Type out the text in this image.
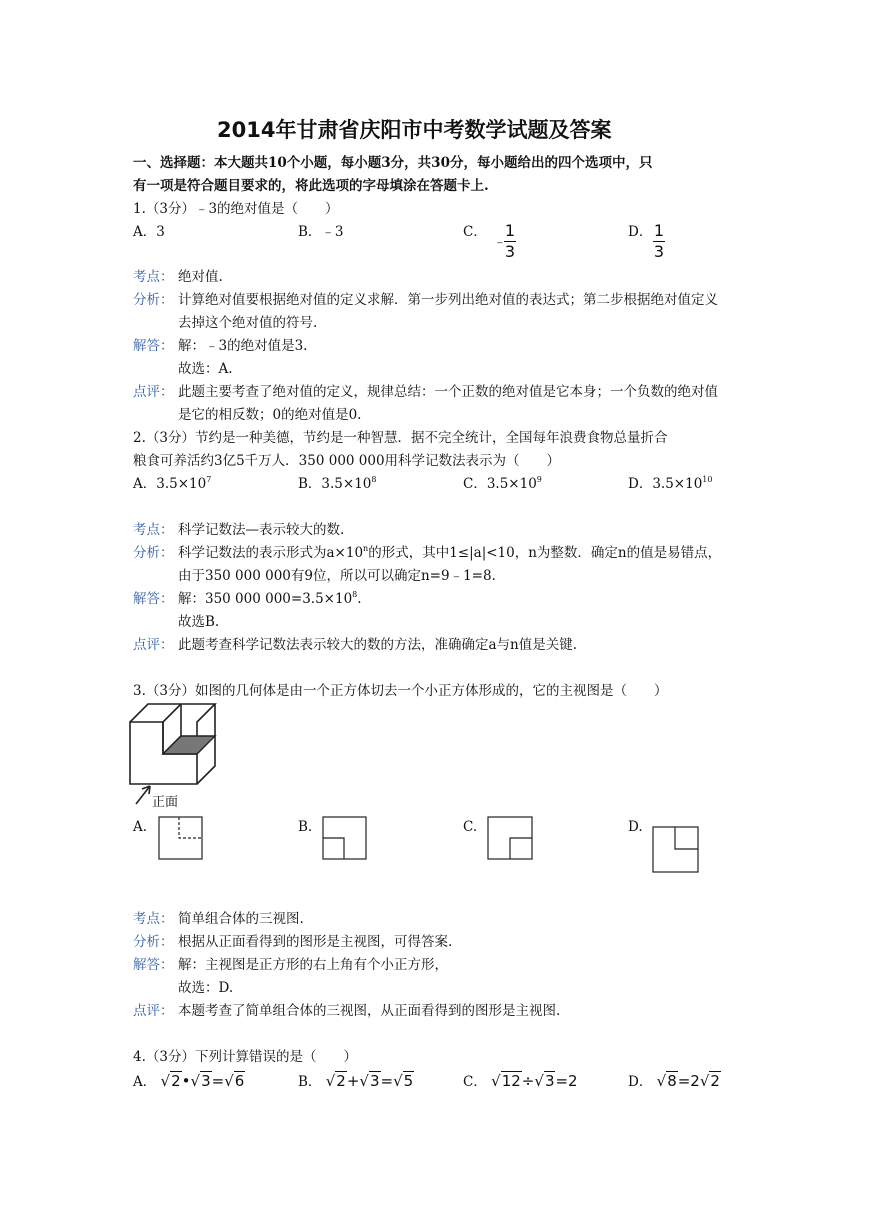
2014年甘肃省庆阳市中考数学试题及答案
一、选择题：本大题共10个小题，每小题3分，共30分，每小题给出的四个选项中，只
有一项是符合题目要求的，将此选项的字母填涂在答题卡上.
1.（3分）﹣3的绝对值是（　　）
A．3	B．﹣3	C．
﹣
1
3
D． 1
3
考点： 绝对值.
分析： 计算绝对值要根据绝对值的定义求解．第一步列出绝对值的表达式；第二步根据绝对值定义
去掉这个绝对值的符号.
解答： 解：﹣3的绝对值是3.
故选：A.
点评： 此题主要考查了绝对值的定义，规律总结：一个正数的绝对值是它本身；一个负数的绝对值
是它的相反数；0的绝对值是0.
2.（3分）节约是一种美德，节约是一种智慧．据不完全统计，全国每年浪费食物总量折合
粮食可养活约3亿5千万人．350 000 000用科学记数法表示为（　　）
A．$3.5\times 10^7$	B．$3.5\times 10^8$	C．$3.5\times 10^9$	D．$3.5\times 10^{10}$
考点： 科学记数法—表示较大的数.
分析： 科学记数法的表示形式为$a\times 10^n$的形式，其中1≤|a|<10，n为整数．确定n的值是易错点，
由于350 000 000有9位，所以可以确定n=9﹣1=8.
解答： 解：350 000 $000=3.5\times 10^8$.
故选B.
点评： 此题考查科学记数法表示较大的数的方法，准确确定a与n值是关键.
3.（3分）如图的几何体是由一个正方体切去一个小正方体形成的，它的主视图是（　　）
正面
A.	B.	C.	D.
考点： 简单组合体的三视图.
分析： 根据从正面看得到的图形是主视图，可得答案.
解答： 解：主视图是正方形的右上角有个小正方形，
故选：D.
点评： 本题考查了简单组合体的三视图，从正面看得到的图形是主视图.
4.（3分）下列计算错误的是（　　）
A． √2•√3=√6	B． √2+√3=√5	C． √12÷√3=2	D． √8=2√2
